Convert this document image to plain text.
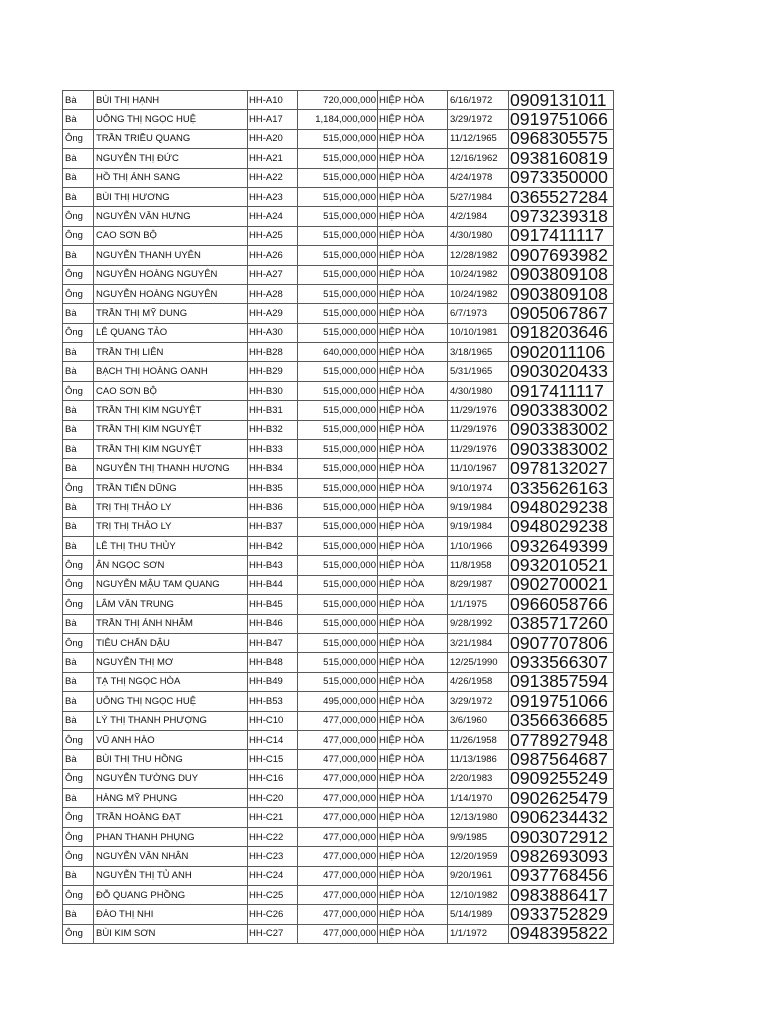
Bà	BÙI THỊ HẠNH	HH-A10	720,000,000	HIỆP HÒA	6/16/1972	0909131011
Bà	UÔNG THỊ NGỌC HUỆ	HH-A17	1,184,000,000	HIỆP HÒA	3/29/1972	0919751066
Ông	TRẦN TRIỀU QUANG	HH-A20	515,000,000	HIỆP HÒA	11/12/1965	0968305575
Bà	NGUYỄN THỊ ĐỨC	HH-A21	515,000,000	HIỆP HÒA	12/16/1962	0938160819
Bà	HỒ THỊ ÁNH SANG	HH-A22	515,000,000	HIỆP HÒA	4/24/1978	0973350000
Bà	BÙI THỊ HƯƠNG	HH-A23	515,000,000	HIỆP HÒA	5/27/1984	0365527284
Ông	NGUYỄN VĂN HƯNG	HH-A24	515,000,000	HIỆP HÒA	4/2/1984	0973239318
Ông	CAO SƠN BỘ	HH-A25	515,000,000	HIỆP HÒA	4/30/1980	0917411117
Bà	NGUYỄN THANH UYÊN	HH-A26	515,000,000	HIỆP HÒA	12/28/1982	0907693982
Ông	NGUYỄN HOÀNG NGUYÊN	HH-A27	515,000,000	HIỆP HÒA	10/24/1982	0903809108
Ông	NGUYỄN HOÀNG NGUYÊN	HH-A28	515,000,000	HIỆP HÒA	10/24/1982	0903809108
Bà	TRẦN THỊ MỸ DUNG	HH-A29	515,000,000	HIỆP HÒA	6/7/1973	0905067867
Ông	LÊ QUANG TẢO	HH-A30	515,000,000	HIỆP HÒA	10/10/1981	0918203646
Bà	TRẦN THỊ LIÊN	HH-B28	640,000,000	HIỆP HÒA	3/18/1965	0902011106
Bà	BẠCH THỊ HOÀNG OANH	HH-B29	515,000,000	HIỆP HÒA	5/31/1965	0903020433
Ông	CAO SƠN BỘ	HH-B30	515,000,000	HIỆP HÒA	4/30/1980	0917411117
Bà	TRẦN THỊ KIM NGUYỆT	HH-B31	515,000,000	HIỆP HÒA	11/29/1976	0903383002
Bà	TRẦN THỊ KIM NGUYỆT	HH-B32	515,000,000	HIỆP HÒA	11/29/1976	0903383002
Bà	TRẦN THỊ KIM NGUYỆT	HH-B33	515,000,000	HIỆP HÒA	11/29/1976	0903383002
Bà	NGUYỄN THỊ THANH HƯƠNG	HH-B34	515,000,000	HIỆP HÒA	11/10/1967	0978132027
Ông	TRẦN TIẾN DŨNG	HH-B35	515,000,000	HIỆP HÒA	9/10/1974	0335626163
Bà	TRỊ THỊ THẢO LY	HH-B36	515,000,000	HIỆP HÒA	9/19/1984	0948029238
Bà	TRỊ THỊ THẢO LY	HH-B37	515,000,000	HIỆP HÒA	9/19/1984	0948029238
Bà	LÊ THỊ THU THỦY	HH-B42	515,000,000	HIỆP HÒA	1/10/1966	0932649399
Ông	ÂN NGỌC SƠN	HH-B43	515,000,000	HIỆP HÒA	11/8/1958	0932010521
Ông	NGUYỄN MẬU TAM QUANG	HH-B44	515,000,000	HIỆP HÒA	8/29/1987	0902700021
Ông	LÂM VĂN TRUNG	HH-B45	515,000,000	HIỆP HÒA	1/1/1975	0966058766
Bà	TRẦN THỊ ÁNH NHÂM	HH-B46	515,000,000	HIỆP HÒA	9/28/1992	0385717260
Ông	TIÊU CHẤN DẬU	HH-B47	515,000,000	HIỆP HÒA	3/21/1984	0907707806
Bà	NGUYỄN THỊ MƠ	HH-B48	515,000,000	HIỆP HÒA	12/25/1990	0933566307
Bà	TẠ THỊ NGỌC HÒA	HH-B49	515,000,000	HIỆP HÒA	4/26/1958	0913857594
Bà	UÔNG THỊ NGỌC HUỆ	HH-B53	495,000,000	HIỆP HÒA	3/29/1972	0919751066
Bà	LÝ THỊ THANH PHƯỢNG	HH-C10	477,000,000	HIỆP HÒA	3/6/1960	0356636685
Ông	VŨ ANH HÀO	HH-C14	477,000,000	HIỆP HÒA	11/26/1958	0778927948
Bà	BÙI THỊ THU HỒNG	HH-C15	477,000,000	HIỆP HÒA	11/13/1986	0987564687
Ông	NGUYỄN TƯỜNG DUY	HH-C16	477,000,000	HIỆP HÒA	2/20/1983	0909255249
Bà	HÀNG MỸ PHỤNG	HH-C20	477,000,000	HIỆP HÒA	1/14/1970	0902625479
Ông	TRẦN HOÀNG ĐẠT	HH-C21	477,000,000	HIỆP HÒA	12/13/1980	0906234432
Ông	PHAN THANH PHỤNG	HH-C22	477,000,000	HIỆP HÒA	9/9/1985	0903072912
Ông	NGUYỄN VĂN NHÂN	HH-C23	477,000,000	HIỆP HÒA	12/20/1959	0982693093
Bà	NGUYỄN THỊ TỦ ANH	HH-C24	477,000,000	HIỆP HÒA	9/20/1961	0937768456
Ông	ĐỖ QUANG PHỒNG	HH-C25	477,000,000	HIỆP HÒA	12/10/1982	0983886417
Bà	ĐÀO THỊ NHI	HH-C26	477,000,000	HIỆP HÒA	5/14/1989	0933752829
Ông	BÙI KIM SƠN	HH-C27	477,000,000	HIỆP HÒA	1/1/1972	0948395822
